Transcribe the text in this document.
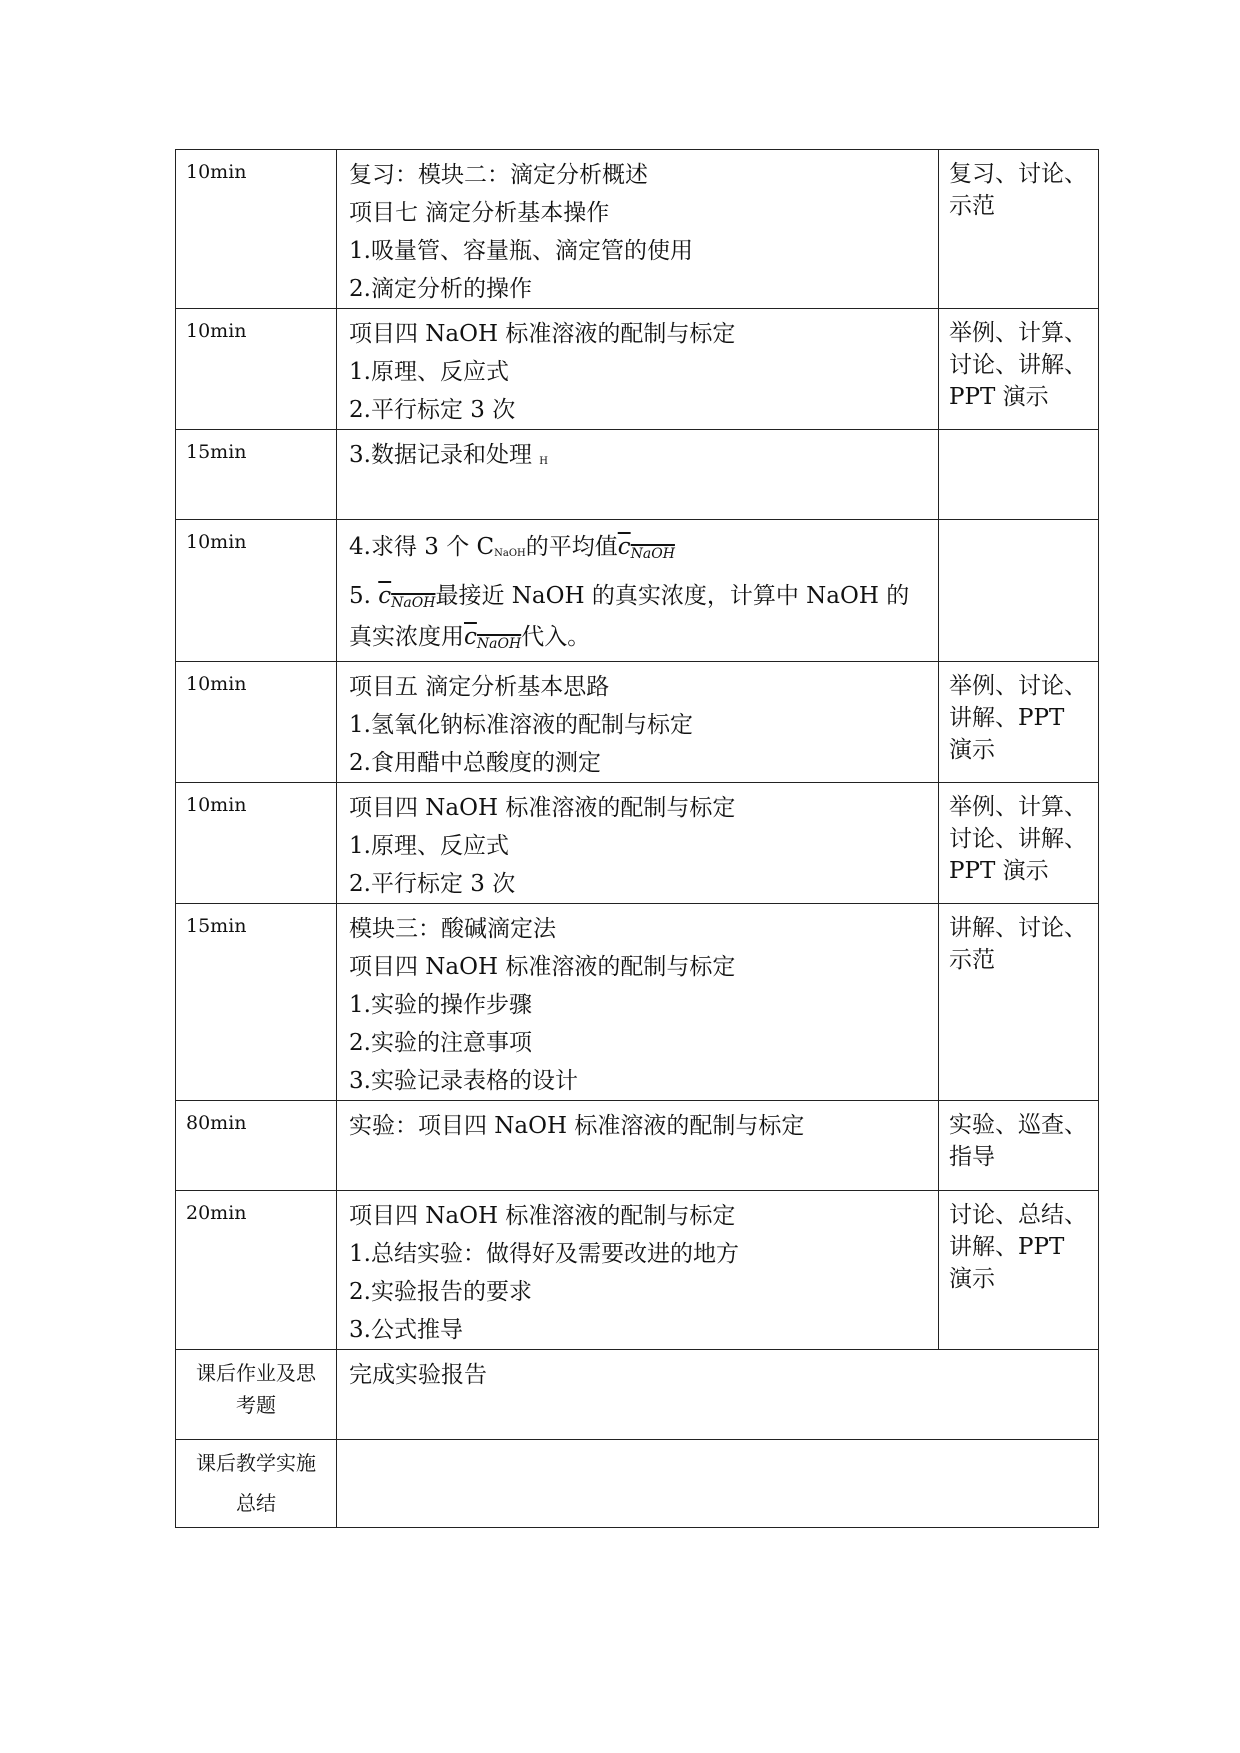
10min	复习：模块二：滴定分析概述
项目七 滴定分析基本操作
1.吸量管、容量瓶、滴定管的使用
2.滴定分析的操作	复习、讨论、示范

10min	项目四 NaOH 标准溶液的配制与标定
1.原理、反应式
2.平行标定 3 次	举例、计算、讨论、讲解、PPT 演示

15min	3.数据记录和处理 $_H$

10min	4.求得 3 个 $C_{NaOH}$的平均值cNaOH
5. cNaOH最接近 NaOH 的真实浓度，计算中 NaOH 的真实浓度用cNaOH代入。	

10min	项目五 滴定分析基本思路
1.氢氧化钠标准溶液的配制与标定
2.食用醋中总酸度的测定	举例、讨论、讲解、PPT 演示

10min	项目四 NaOH 标准溶液的配制与标定
1.原理、反应式
2.平行标定 3 次	举例、计算、讨论、讲解、PPT 演示

15min	模块三：酸碱滴定法
项目四 NaOH 标准溶液的配制与标定
1.实验的操作步骤
2.实验的注意事项
3.实验记录表格的设计	讲解、讨论、示范

80min	实验：项目四 NaOH 标准溶液的配制与标定	实验、巡查、指导

20min	项目四 NaOH 标准溶液的配制与标定
1.总结实验：做得好及需要改进的地方
2.实验报告的要求
3.公式推导	讨论、总结、讲解、PPT 演示

课后作业及思
考题	完成实验报告	

课后教学实施
总结		
